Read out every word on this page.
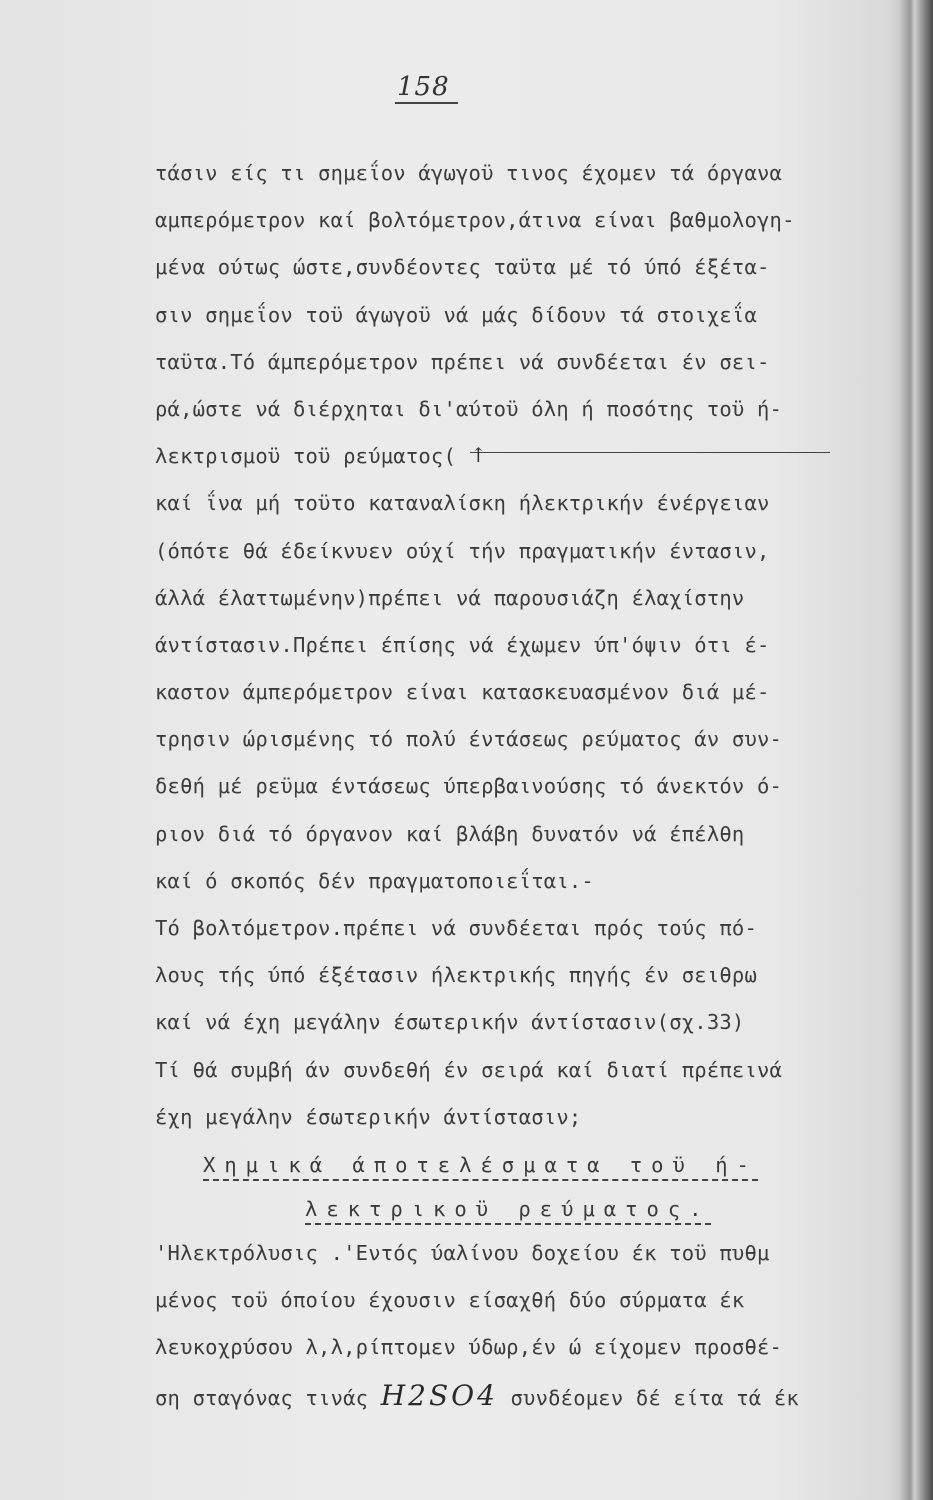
158
τάσιν είς τι σημεΐον άγωγοϋ τινος έχομεν τά όργανα
αμπερόμετρον καί βολτόμετρον,άτινα είναι βαθμολογη-
μένα ούτως ώστε,συνδέοντες ταϋτα μέ τό ύπό έξέτα-
σιν σημεΐον τοϋ άγωγοϋ νά μάς δίδουν τά στοιχεΐα
ταϋτα.Τό άμπερόμετρον πρέπει νά συνδέεται έν σει-
ρά,ώστε νά διέρχηται δι'αύτοϋ όλη ή ποσότης τοϋ ή-
λεκτρισμοϋ τοϋ ρεύματος(
καί ΐνα μή τοϋτο καταναλίσκη ήλεκτρικήν ένέργειαν
(όπότε θά έδείκνυεν ούχί τήν πραγματικήν έντασιν,
άλλά έλαττωμένην)πρέπει νά παρουσιάζη έλαχίστην
άντίστασιν.Πρέπει έπίσης νά έχωμεν ύπ'όψιν ότι έ-
καστον άμπερόμετρον είναι κατασκευασμένον διά μέ-
τρησιν ώρισμένης τό πολύ έντάσεως ρεύματος άν συν-
δεθή μέ ρεϋμα έντάσεως ύπερβαινούσης τό άνεκτόν ό-
ριον διά τό όργανον καί βλάβη δυνατόν νά έπέλθη
καί ό σκοπός δέν πραγματοποιεΐται.-
Τό βολτόμετρον.πρέπει νά συνδέεται πρός τούς πό-
λους τής ύπό έξέτασιν ήλεκτρικής πηγής έν σειθρω
καί νά έχη μεγάλην έσωτερικήν άντίστασιν(σχ.33)
Τί θά συμβή άν συνδεθή έν σειρά καί διατί πρέπεινά
έχη μεγάλην έσωτερικήν άντίστασιν;
↑
Χημικά άποτελέσματα τοϋ ή-
λεκτρικοϋ ρεύματος.
'Ηλεκτρόλυσις .'Εντός ύαλίνου δοχείου έκ τοϋ πυθμ
μένος τοϋ όποίου έχουσιν είσαχθή δύο σύρματα έκ
λευκοχρύσου λ,λ,ρίπτομεν ύδωρ,έν ώ είχομεν προσθέ-
ση σταγόνας τινάς H2SO4 συνδέομεν δέ είτα τά έκ
